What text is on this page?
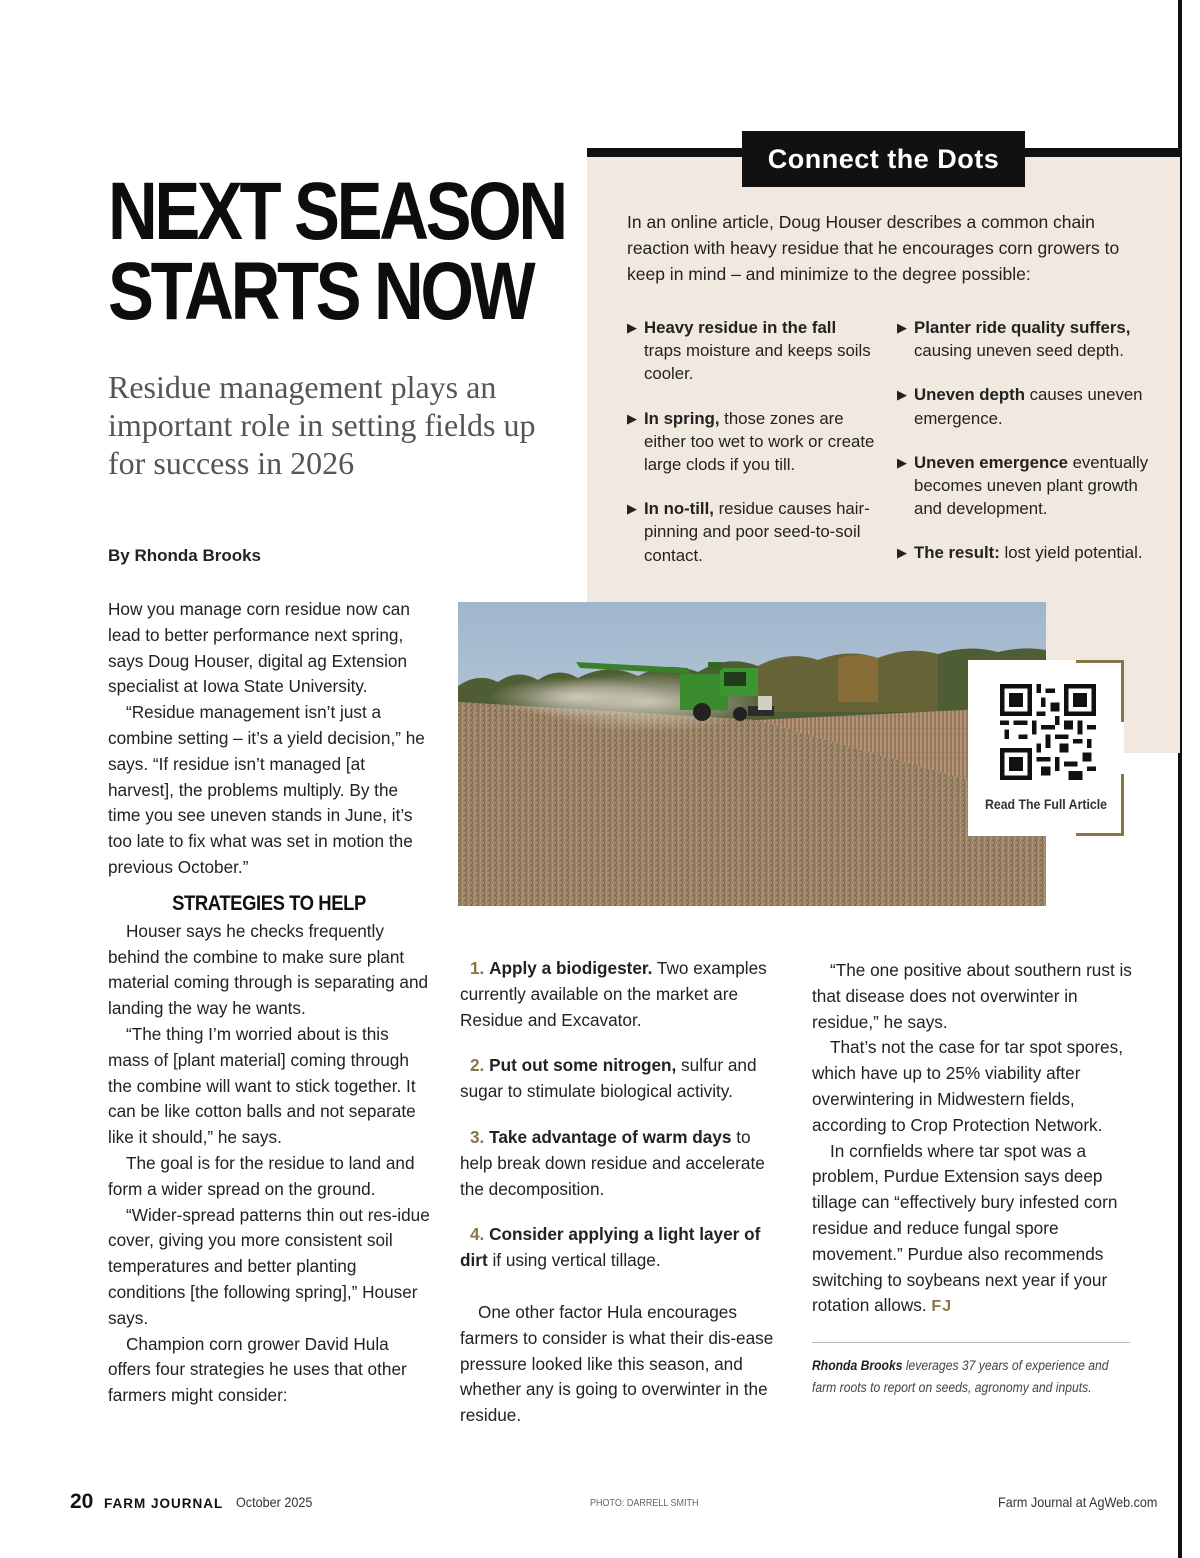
NEXT SEASON
STARTS NOW
Residue management plays an important role in setting fields up for success in 2026
By Rhonda Brooks

How you manage corn residue now can lead to better performance next spring, says Doug Houser, digital ag Extension specialist at Iowa State University.

“Residue management isn’t just a combine setting – it’s a yield decision,” he says. “If residue isn’t managed [at harvest], the problems multiply. By the time you see uneven stands in June, it’s too late to fix what was set in motion the previous October.”

STRATEGIES TO HELP

Houser says he checks frequently behind the combine to make sure plant material coming through is separating and landing the way he wants.

“The thing I’m worried about is this mass of [plant material] coming through the combine will want to stick together. It can be like cotton balls and not separate like it should,” he says.

The goal is for the residue to land and form a wider spread on the ground.

“Wider-spread patterns thin out res-idue cover, giving you more consistent soil temperatures and better planting conditions [the following spring],” Houser says.

Champion corn grower David Hula offers four strategies he uses that other farmers might consider:

1. Apply a biodigester. Two examples currently available on the market are Residue and Excavator.

2. Put out some nitrogen, sulfur and sugar to stimulate biological activity.

3. Take advantage of warm days to help break down residue and accelerate the decomposition.

4. Consider applying a light layer of dirt if using vertical tillage.

One other factor Hula encourages farmers to consider is what their dis-ease pressure looked like this season, and whether any is going to overwinter in the residue.

“The one positive about southern rust is that disease does not overwinter in residue,” he says.

That’s not the case for tar spot spores, which have up to 25% viability after overwintering in Midwestern fields, according to Crop Protection Network.

In cornfields where tar spot was a problem, Purdue Extension says deep tillage can “effectively bury infested corn residue and reduce fungal spore movement.” Purdue also recommends switching to soybeans next year if your rotation allows. FJ

Rhonda Brooks leverages 37 years of experience and farm roots to report on seeds, agronomy and inputs.
Connect the Dots
In an online article, Doug Houser describes a common chain reaction with heavy residue that he encourages corn growers to keep in mind – and minimize to the degree possible:
▶ Heavy residue in the fall traps moisture and keeps soils cooler.
▶ In spring, those zones are either too wet to work or create large clods if you till.
▶ In no-till, residue causes hair-pinning and poor seed-to-soil contact.
▶ Planter ride quality suffers, causing uneven seed depth.
▶ Uneven depth causes uneven emergence.
▶ Uneven emergence eventually becomes uneven plant growth and development.
▶ The result: lost yield potential.
Read The Full Article
20 FARM JOURNAL October 2025	PHOTO: DARRELL SMITH	Farm Journal at AgWeb.com
